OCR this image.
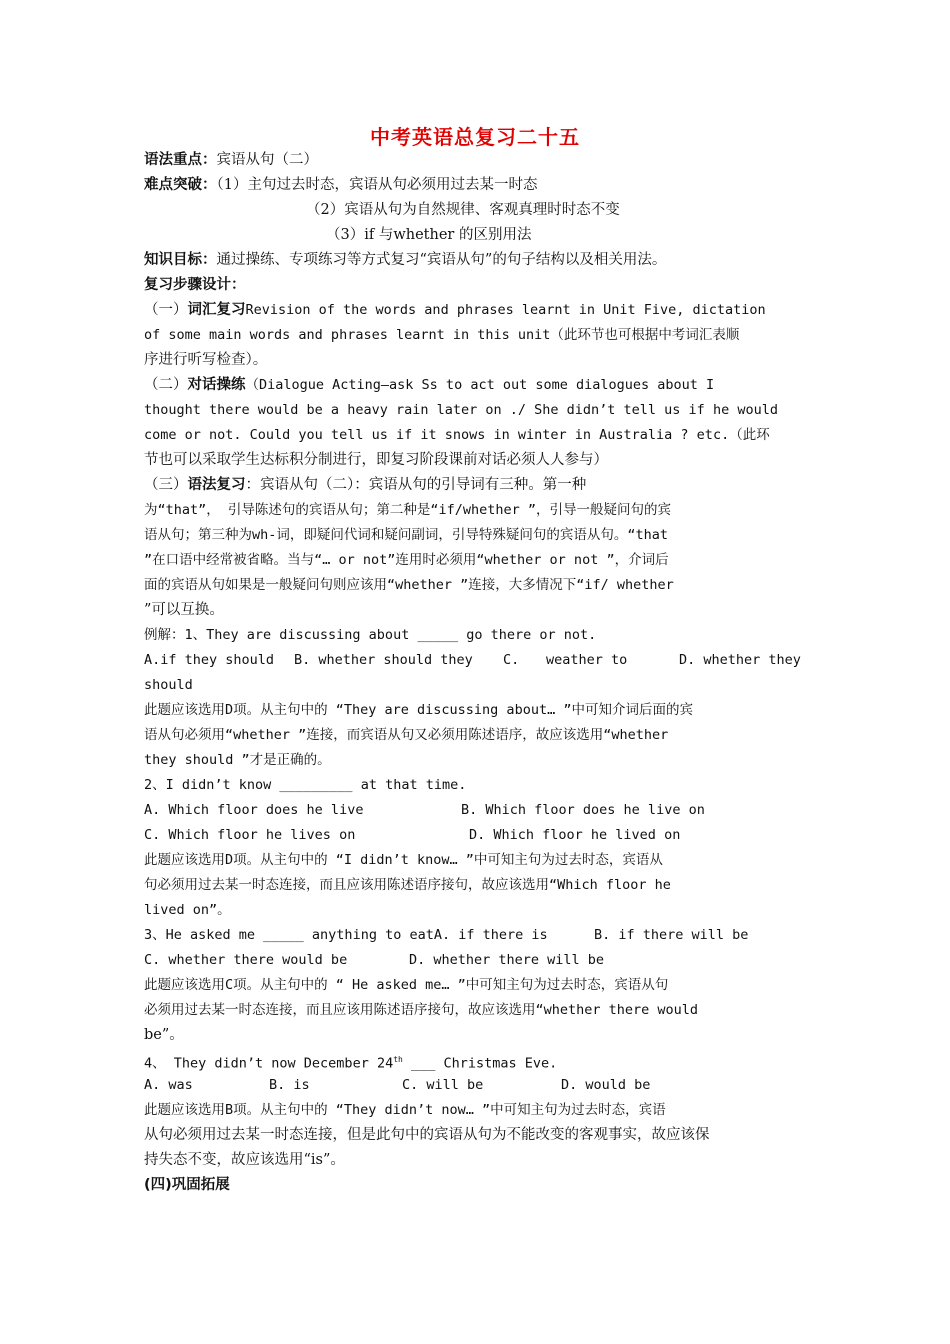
中考英语总复习二十五
语法重点：宾语从句（二）
难点突破：（1）主句过去时态，宾语从句必须用过去某一时态
（2）宾语从句为自然规律、客观真理时时态不变
（3）if 与whether 的区别用法
知识目标：通过操练、专项练习等方式复习“宾语从句”的句子结构以及相关用法。
复习步骤设计：
（一）词汇复习Revision of the words and phrases learnt in Unit Five, dictation
of some main words and phrases learnt in this unit（此环节也可根据中考词汇表顺
序进行听写检查）。
（二）对话操练（Dialogue Acting—ask Ss to act out some dialogues about I
thought there would be a heavy rain later on ./ She didn’t tell us if he would
come or not. Could you tell us if it snows in winter in Australia ? etc.（此环
节也可以采取学生达标积分制进行，即复习阶段课前对话必须人人参与）
（三）语法复习：宾语从句（二）：宾语从句的引导词有三种。第一种
为“that”， 引导陈述句的宾语从句；第二种是“if/whether ”，引导一般疑问句的宾
语从句；第三种为wh-词，即疑问代词和疑问副词，引导特殊疑问句的宾语从句。“that
”在口语中经常被省略。当与“… or not”连用时必须用“whether or not ”，介词后
面的宾语从句如果是一般疑问句则应该用“whether ”连接，大多情况下“if/ whether
”可以互换。
例解：1、They are discussing about _____ go there or not.
A.if they should B. whether should they C. weather to	D. whether they
should
此题应该选用D项。从主句中的 “They are discussing about… ”中可知介词后面的宾
语从句必须用“whether ”连接，而宾语从句又必须用陈述语序，故应该选用“whether
they should ”才是正确的。
2、I didn’t know _________ at that time.
A. Which floor does he live	B. Which floor does he live on
C. Which floor he lives on	D. Which floor he lived on
此题应该选用D项。从主句中的 “I didn’t know… ”中可知主句为过去时态，宾语从
句必须用过去某一时态连接，而且应该用陈述语序接句，故应该选用“Which floor he
lived on”。
3、He asked me _____ anything to eatA. if there is	B. if there will be
C. whether there would be	D. whether there will be
此题应该选用C项。从主句中的 “ He asked me… ”中可知主句为过去时态，宾语从句
必须用过去某一时态连接，而且应该用陈述语序接句，故应该选用“whether there would
be”。
4、 They didn’t now December 24th ___ Christmas Eve.
A. was	B. is	C. will be	D. would be
此题应该选用B项。从主句中的 “They didn’t now… ”中可知主句为过去时态，宾语
从句必须用过去某一时态连接，但是此句中的宾语从句为不能改变的客观事实，故应该保
持失态不变，故应该选用“is”。
(四)巩固拓展
